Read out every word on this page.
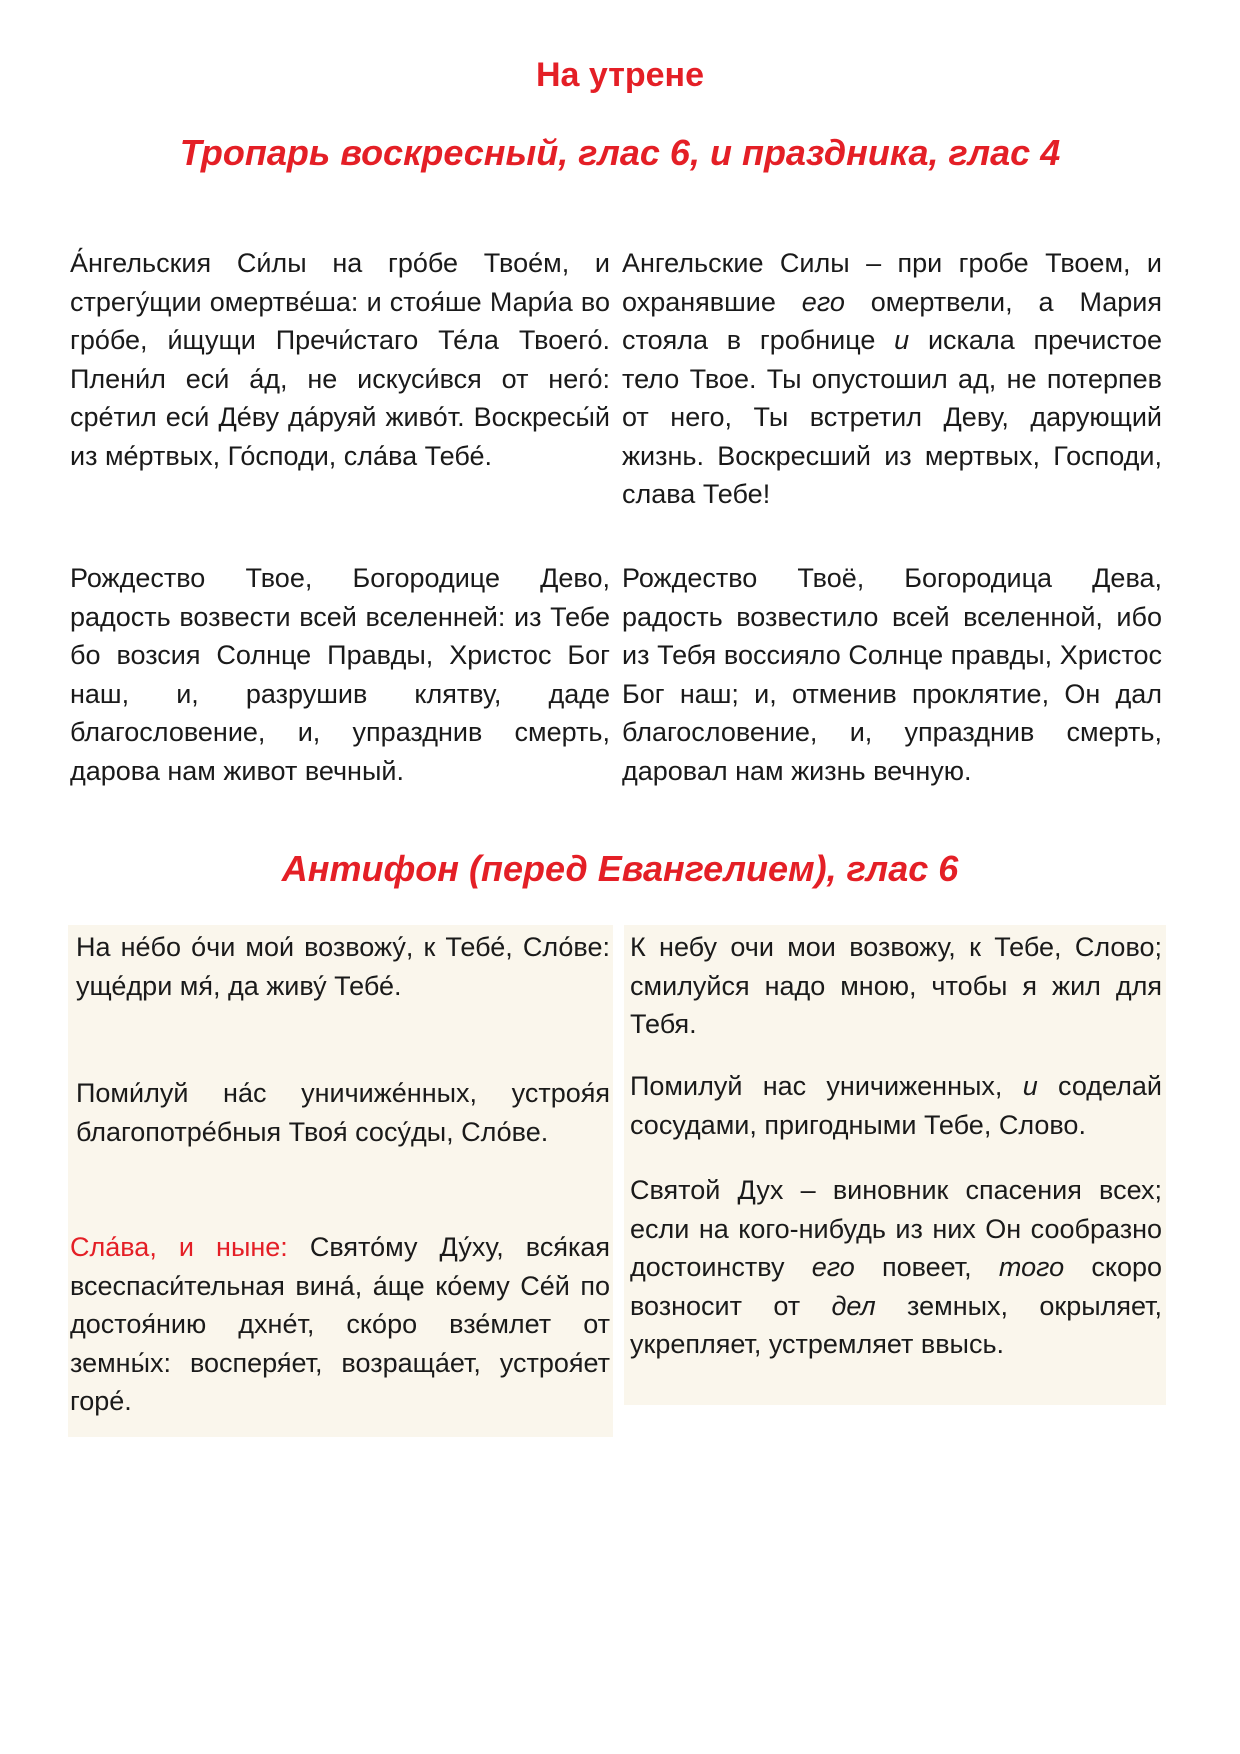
На утрене
Тропарь воскресный, глас 6, и праздника, глас 4

А́нгельския Си́лы на гро́бе Твое́м, и стрегу́щии омертве́ша: и стоя́ше Мари́а во гро́бе, и́щущи Пречи́стаго Те́ла Твоего́. Плени́л еси́ а́д, не искуси́вся от него́: сре́тил еси́ Де́ву да́руяй живо́т. Воскресы́й из ме́ртвых, Го́споди, сла́ва Тебе́.

Ангельские Силы – при гробе Твоем, и охранявшие его омертвели, а Мария стояла в гробнице и искала пречистое тело Твое. Ты опустошил ад, не потерпев от него, Ты встретил Деву, дарующий жизнь. Воскресший из мертвых, Господи, слава Тебе!

Рождество Твое, Богородице Дево, радость возвести всей вселенней: из Тебе бо возсия Солнце Правды, Христос Бог наш, и, разрушив клятву, даде благословение, и, упразднив смерть, дарова нам живот вечный.

Рождество Твоё, Богородица Дева, радость возвестило всей вселенной, ибо из Тебя воссияло Солнце правды, Христос Бог наш; и, отменив проклятие, Он дал благословение, и, упразднив смерть, даровал нам жизнь вечную.

Антифон (перед Евангелием), глас 6

На не́бо о́чи мои́ возвожу́, к Тебе́, Сло́ве: уще́дри мя́, да живу́ Тебе́.

Поми́луй на́с уничиже́нных, устроя́я благопотре́бныя Твоя́ сосу́ды, Сло́ве.

Сла́ва, и ныне: Свято́му Ду́ху, вся́кая всеспаси́тельная вина́, а́ще ко́ему Се́й по достоя́нию дхне́т, ско́ро взе́млет от земны́х: восперя́ет, возраща́ет, устроя́ет горе́.

К небу очи мои возвожу, к Тебе, Слово; смилуйся надо мною, чтобы я жил для Тебя.

Помилуй нас уничиженных, и соделай сосудами, пригодными Тебе, Слово.

Святой Дух – виновник спасения всех; если на кого-нибудь из них Он сообразно достоинству его повеет, того скоро возносит от дел земных, окрыляет, укрепляет, устремляет ввысь.
